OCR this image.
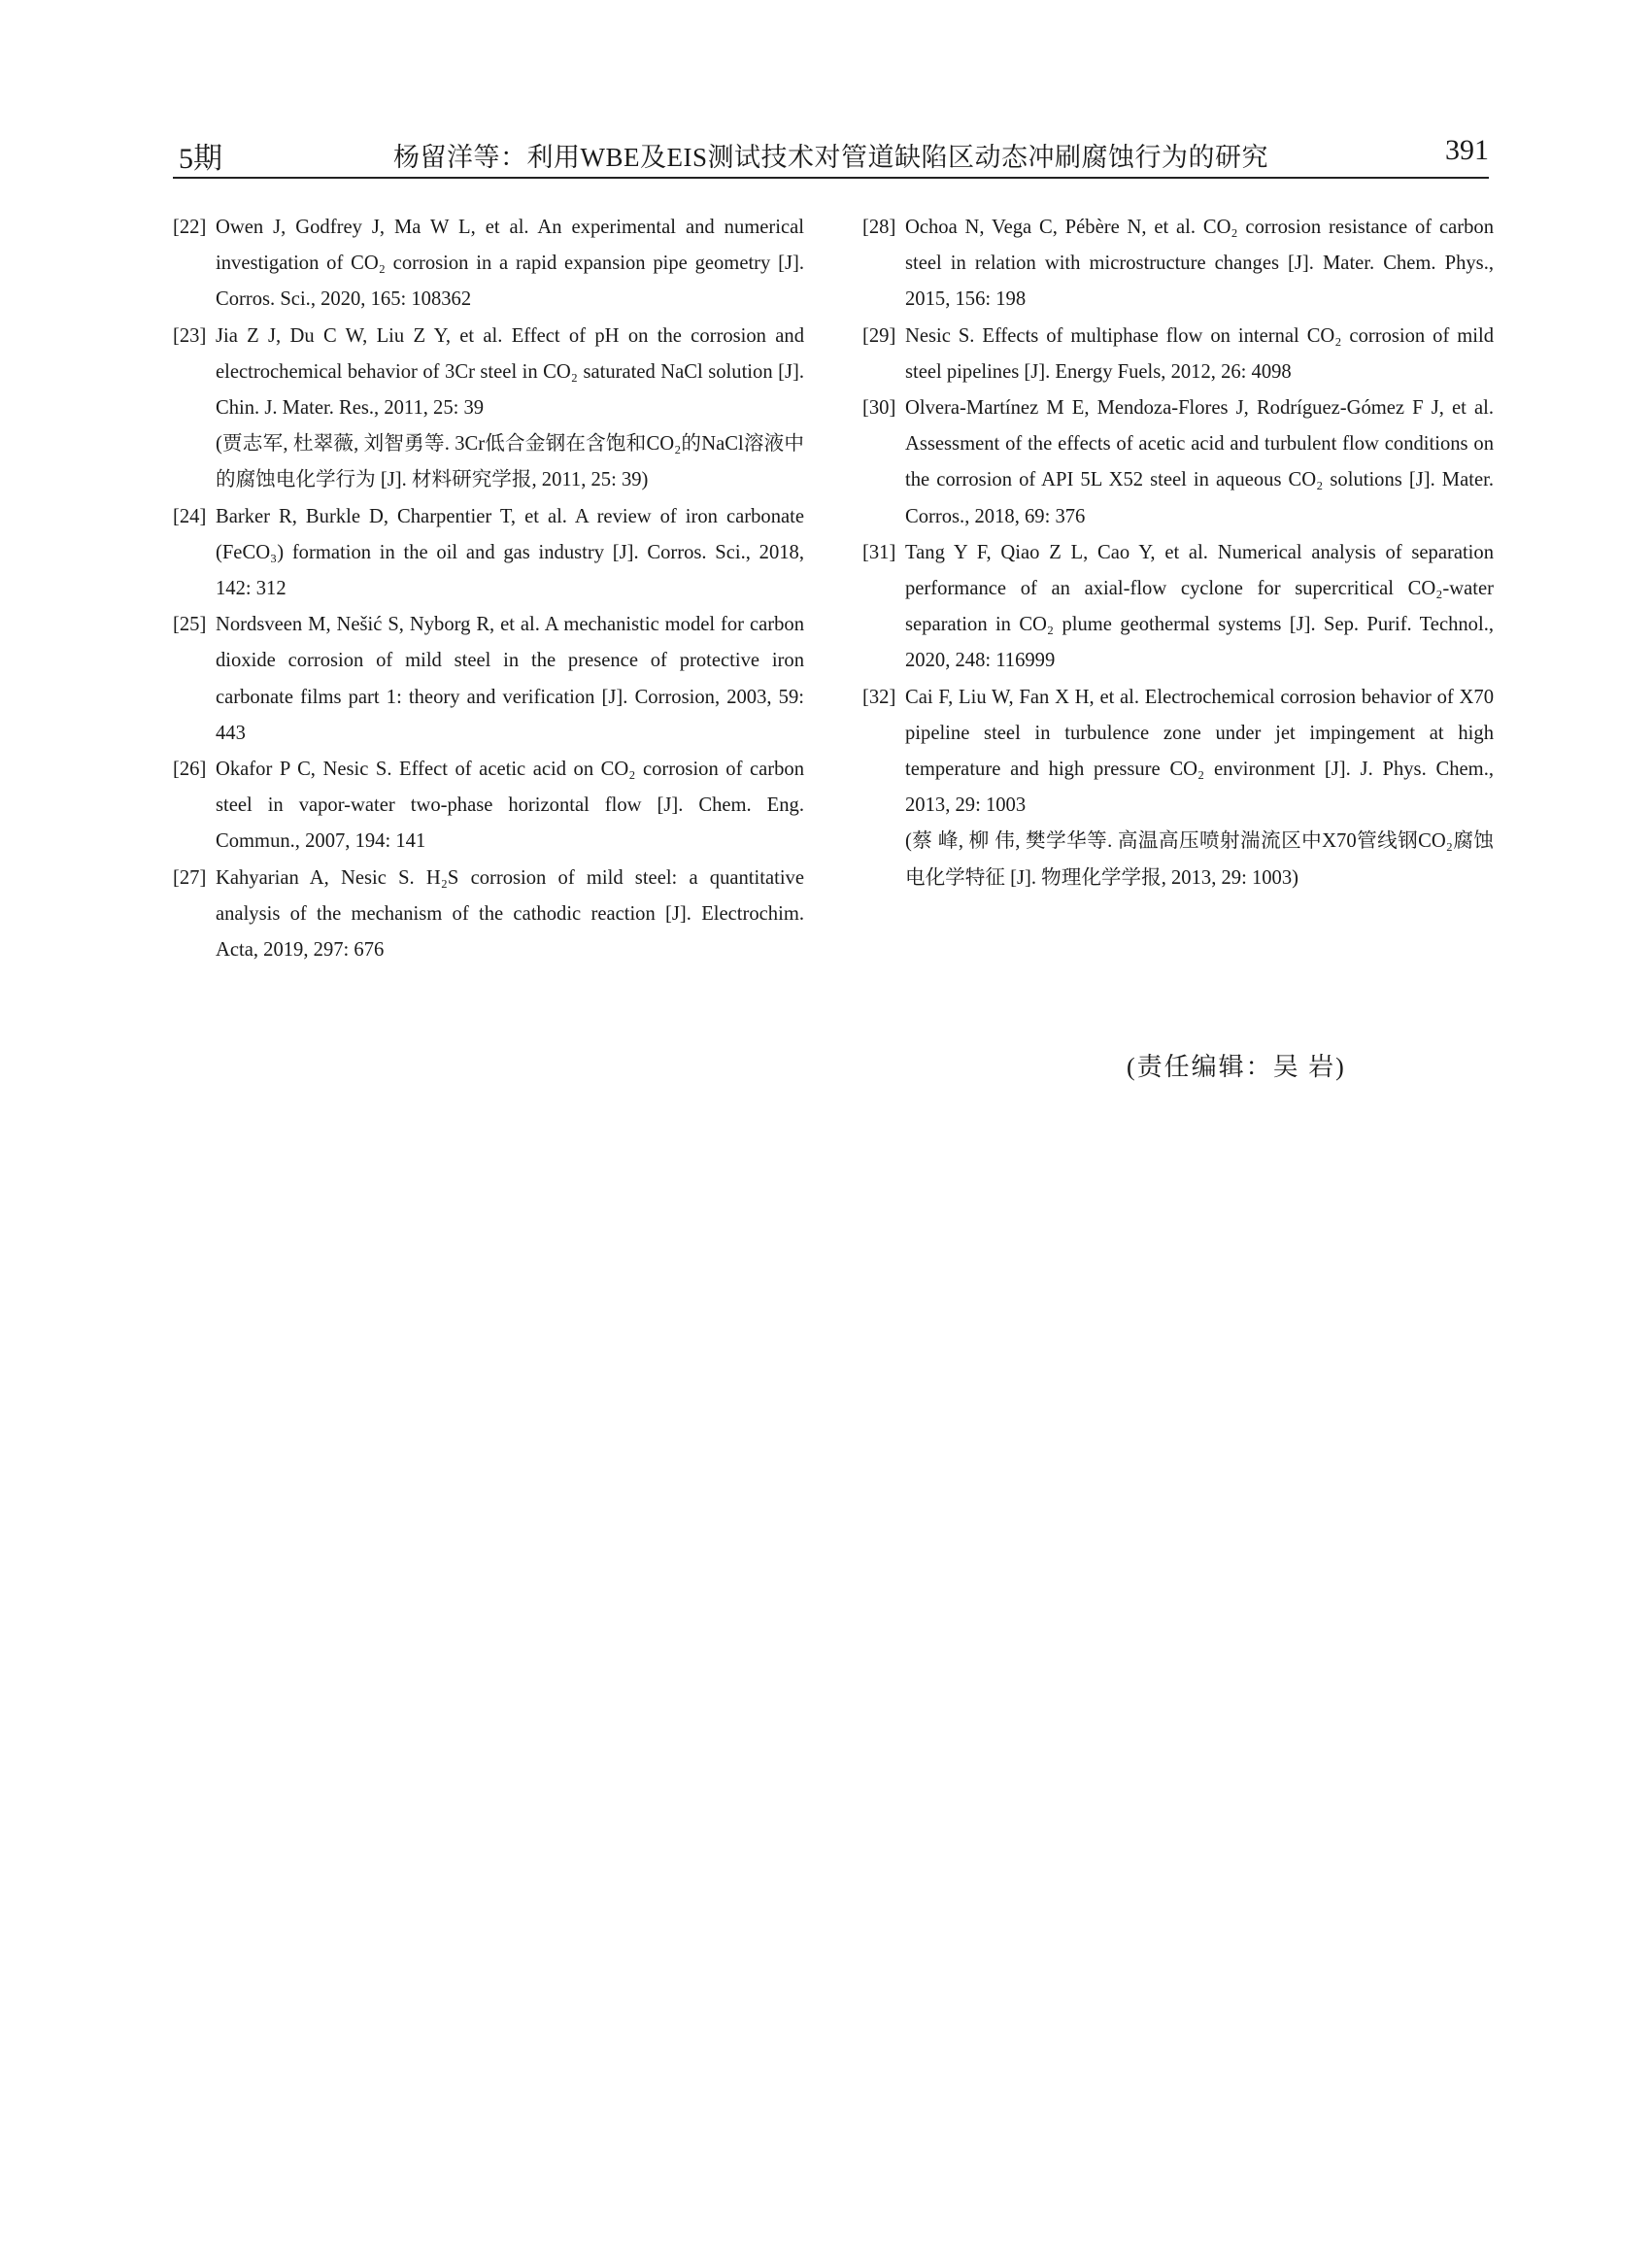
5期	杨留洋等：利用WBE及EIS测试技术对管道缺陷区动态冲刷腐蚀行为的研究	391

[22] Owen J, Godfrey J, Ma W L, et al. An experimental and numerical investigation of CO₂ corrosion in a rapid expansion pipe geometry [J]. Corros. Sci., 2020, 165: 108362

[23] Jia Z J, Du C W, Liu Z Y, et al. Effect of pH on the corrosion and electrochemical behavior of 3Cr steel in CO₂ saturated NaCl solution [J]. Chin. J. Mater. Res., 2011, 25: 39
(贾志军, 杜翠薇, 刘智勇等. 3Cr低合金钢在含饱和CO₂的NaCl溶液中的腐蚀电化学行为 [J]. 材料研究学报, 2011, 25: 39)

[24] Barker R, Burkle D, Charpentier T, et al. A review of iron carbonate (FeCO₃) formation in the oil and gas industry [J]. Corros. Sci., 2018, 142: 312

[25] Nordsveen M, Nešić S, Nyborg R, et al. A mechanistic model for carbon dioxide corrosion of mild steel in the presence of protective iron carbonate films part 1: theory and verification [J]. Corrosion, 2003, 59: 443

[26] Okafor P C, Nesic S. Effect of acetic acid on CO₂ corrosion of carbon steel in vapor-water two-phase horizontal flow [J]. Chem. Eng. Commun., 2007, 194: 141

[27] Kahyarian A, Nesic S. H₂S corrosion of mild steel: a quantitative analysis of the mechanism of the cathodic reaction [J]. Electrochim. Acta, 2019, 297: 676

[28] Ochoa N, Vega C, Pébère N, et al. CO₂ corrosion resistance of carbon steel in relation with microstructure changes [J]. Mater. Chem. Phys., 2015, 156: 198

[29] Nesic S. Effects of multiphase flow on internal CO₂ corrosion of mild steel pipelines [J]. Energy Fuels, 2012, 26: 4098

[30] Olvera-Martínez M E, Mendoza-Flores J, Rodríguez-Gómez F J, et al. Assessment of the effects of acetic acid and turbulent flow conditions on the corrosion of API 5L X52 steel in aqueous CO₂ solutions [J]. Mater. Corros., 2018, 69: 376

[31] Tang Y F, Qiao Z L, Cao Y, et al. Numerical analysis of separation performance of an axial-flow cyclone for supercritical CO₂-water separation in CO₂ plume geothermal systems [J]. Sep. Purif. Technol., 2020, 248: 116999

[32] Cai F, Liu W, Fan X H, et al. Electrochemical corrosion behavior of X70 pipeline steel in turbulence zone under jet impingement at high temperature and high pressure CO₂ environment [J]. J. Phys. Chem., 2013, 29: 1003
(蔡 峰, 柳 伟, 樊学华等. 高温高压喷射湍流区中X70管线钢CO₂腐蚀电化学特征 [J]. 物理化学学报, 2013, 29: 1003)

(责任编辑：吴 岩)
